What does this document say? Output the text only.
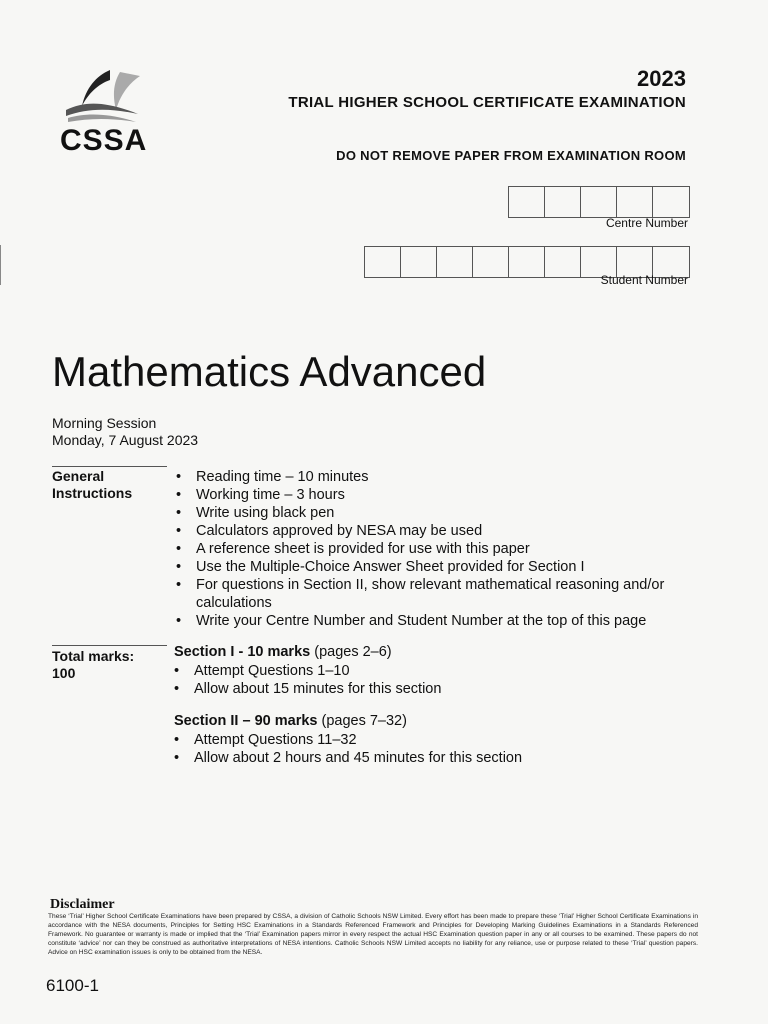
CSSA
2023
TRIAL HIGHER SCHOOL CERTIFICATE EXAMINATION
DO NOT REMOVE PAPER FROM EXAMINATION ROOM
Centre Number
Student Number
Mathematics Advanced
Morning Session
Monday, 7 August 2023
General
Instructions
• Reading time – 10 minutes
• Working time – 3 hours
• Write using black pen
• Calculators approved by NESA may be used
• A reference sheet is provided for use with this paper
• Use the Multiple-Choice Answer Sheet provided for Section I
• For questions in Section II, show relevant mathematical reasoning and/or calculations
• Write your Centre Number and Student Number at the top of this page
Total marks:
100
Section I - 10 marks (pages 2–6)
• Attempt Questions 1–10
• Allow about 15 minutes for this section
Section II – 90 marks (pages 7–32)
• Attempt Questions 11–32
• Allow about 2 hours and 45 minutes for this section
Disclaimer
These ‘Trial’ Higher School Certificate Examinations have been prepared by CSSA, a division of Catholic Schools NSW Limited. Every effort has been made to prepare these ‘Trial’ Higher School Certificate Examinations in accordance with the NESA documents, Principles for Setting HSC Examinations in a Standards Referenced Framework and Principles for Developing Marking Guidelines Examinations in a Standards Referenced Framework. No guarantee or warranty is made or implied that the ‘Trial’ Examination papers mirror in every respect the actual HSC Examination question paper in any or all courses to be examined. These papers do not constitute ‘advice’ nor can they be construed as authoritative interpretations of NESA intentions. Catholic Schools NSW Limited accepts no liability for any reliance, use or purpose related to these ‘Trial’ question papers. Advice on HSC examination issues is only to be obtained from the NESA.
6100-1
